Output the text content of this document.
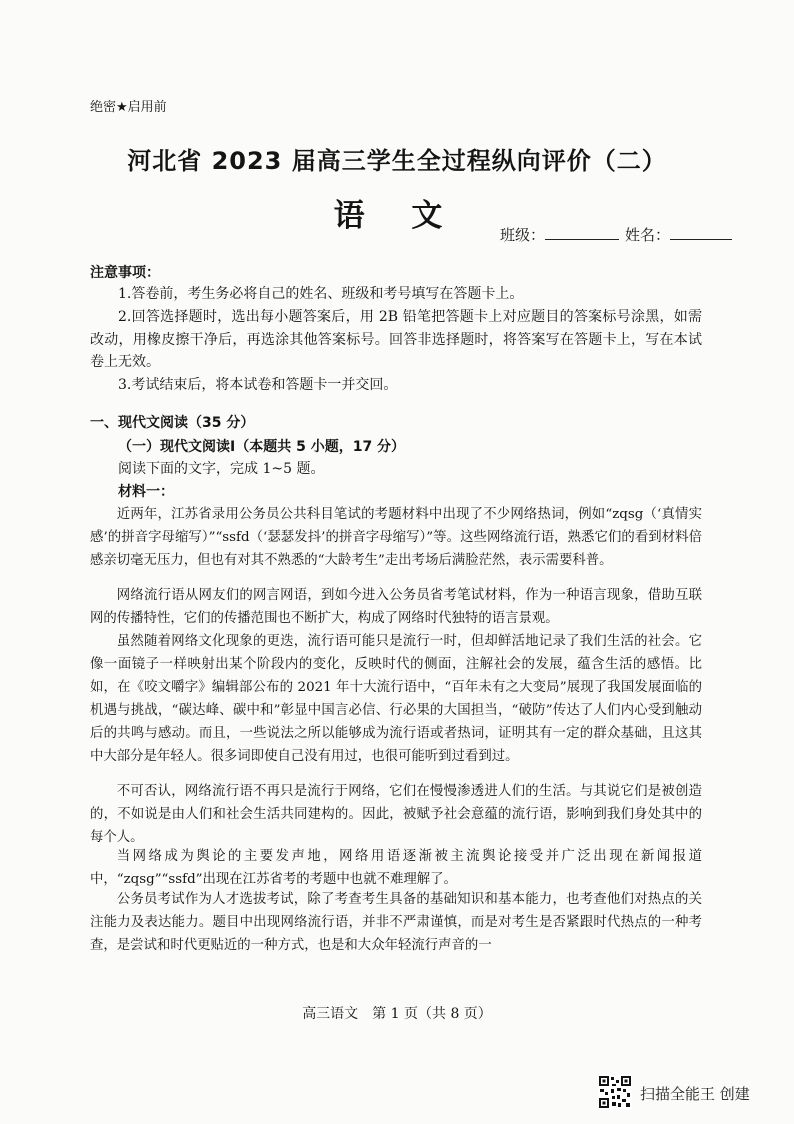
绝密★启用前
河北省 2023 届高三学生全过程纵向评价（二）
语 文
班级：	姓名：
注意事项：
1.答卷前，考生务必将自己的姓名、班级和考号填写在答题卡上。
2.回答选择题时，选出每小题答案后，用 2B 铅笔把答题卡上对应题目的答案标号涂黑，如需改动，用橡皮擦干净后，再选涂其他答案标号。回答非选择题时，将答案写在答题卡上，写在本试卷上无效。
3.考试结束后，将本试卷和答题卡一并交回。
一、现代文阅读（35 分）
（一）现代文阅读Ⅰ（本题共 5 小题，17 分）
阅读下面的文字，完成 1~5 题。
材料一：

近两年，江苏省录用公务员公共科目笔试的考题材料中出现了不少网络热词，例如“zqsg（‘真情实感’的拼音字母缩写）”“ssfd（‘瑟瑟发抖’的拼音字母缩写）”等。这些网络流行语，熟悉它们的看到材料倍感亲切毫无压力，但也有对其不熟悉的“大龄考生”走出考场后满脸茫然，表示需要科普。

网络流行语从网友们的网言网语，到如今进入公务员省考笔试材料，作为一种语言现象，借助互联网的传播特性，它们的传播范围也不断扩大，构成了网络时代独特的语言景观。

虽然随着网络文化现象的更迭，流行语可能只是流行一时，但却鲜活地记录了我们生活的社会。它像一面镜子一样映射出某个阶段内的变化，反映时代的侧面，注解社会的发展，蕴含生活的感悟。比如，在《咬文嚼字》编辑部公布的 2021 年十大流行语中，“百年未有之大变局”展现了我国发展面临的机遇与挑战，“碳达峰、碳中和”彰显中国言必信、行必果的大国担当，“破防”传达了人们内心受到触动后的共鸣与感动。而且，一些说法之所以能够成为流行语或者热词，证明其有一定的群众基础，且这其中大部分是年轻人。很多词即使自己没有用过，也很可能听到过看到过。

不可否认，网络流行语不再只是流行于网络，它们在慢慢渗透进人们的生活。与其说它们是被创造的，不如说是由人们和社会生活共同建构的。因此，被赋予社会意蕴的流行语，影响到我们身处其中的每个人。

当网络成为舆论的主要发声地，网络用语逐渐被主流舆论接受并广泛出现在新闻报道中，“zqsg”“ssfd”出现在江苏省考的考题中也就不难理解了。

公务员考试作为人才选拔考试，除了考查考生具备的基础知识和基本能力，也考查他们对热点的关注能力及表达能力。题目中出现网络流行语，并非不严肃谨慎，而是对考生是否紧跟时代热点的一种考查，是尝试和时代更贴近的一种方式，也是和大众年轻流行声音的一

高三语文　第 1 页（共 8 页）
扫描全能王 创建
